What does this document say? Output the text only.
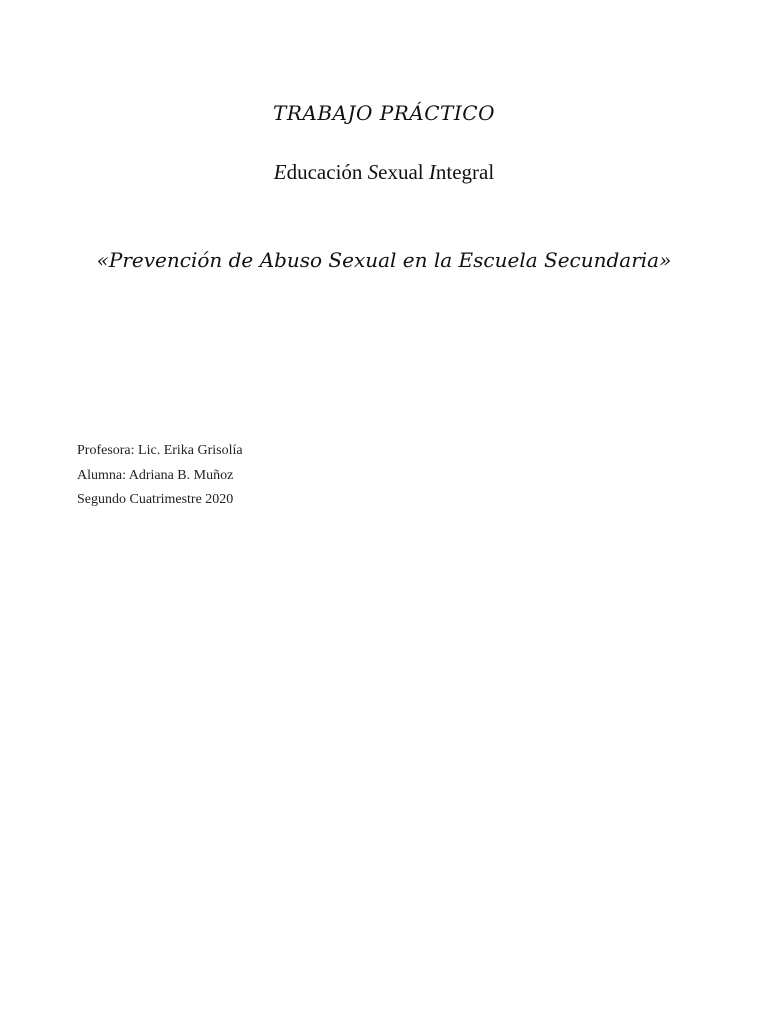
TRABAJO PRÁCTICO
Educación Sexual Integral
«Prevención de Abuso Sexual en la Escuela Secundaria»
Profesora: Lic. Erika Grisolía
Alumna: Adriana B. Muñoz
Segundo Cuatrimestre 2020
